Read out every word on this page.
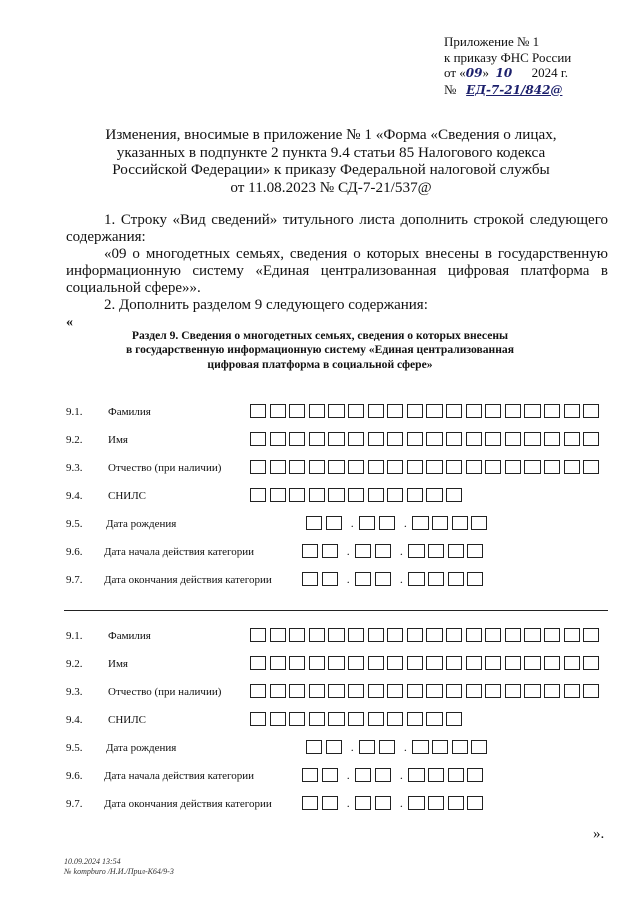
Приложение № 1
к приказу ФНС России
от «09» 10 2024 г.
№ ЕД-7-21/842@
Изменения, вносимые в приложение № 1 «Форма «Сведения о лицах,
указанных в подпункте 2 пункта 9.4 статьи 85 Налогового кодекса
Российской Федерации» к приказу Федеральной налоговой службы
от 11.08.2023 № СД-7-21/537@
1. Строку «Вид сведений» титульного листа дополнить строкой следующего содержания:
«09 о многодетных семьях, сведения о которых внесены в государственную информационную систему «Единая централизованная цифровая платформа в социальной сфере»».
2. Дополнить разделом 9 следующего содержания:
«
Раздел 9. Сведения о многодетных семьях, сведения о которых внесены
в государственную информационную систему «Единая централизованная
цифровая платформа в социальной сфере»
9.1. Фамилия
9.2. Имя
9.3. Отчество (при наличии)
9.4. СНИЛС
9.5. Дата рождения	.	.
9.6. Дата начала действия категории	.	.
9.7. Дата окончания действия категории	.	.
9.1. Фамилия
9.2. Имя
9.3. Отчество (при наличии)
9.4. СНИЛС
9.5. Дата рождения	.	.
9.6. Дата начала действия категории	.	.
9.7. Дата окончания действия категории	.	.
».
10.09.2024 13:54
№ kompburo /Н.И./Прил-К64/9-3
